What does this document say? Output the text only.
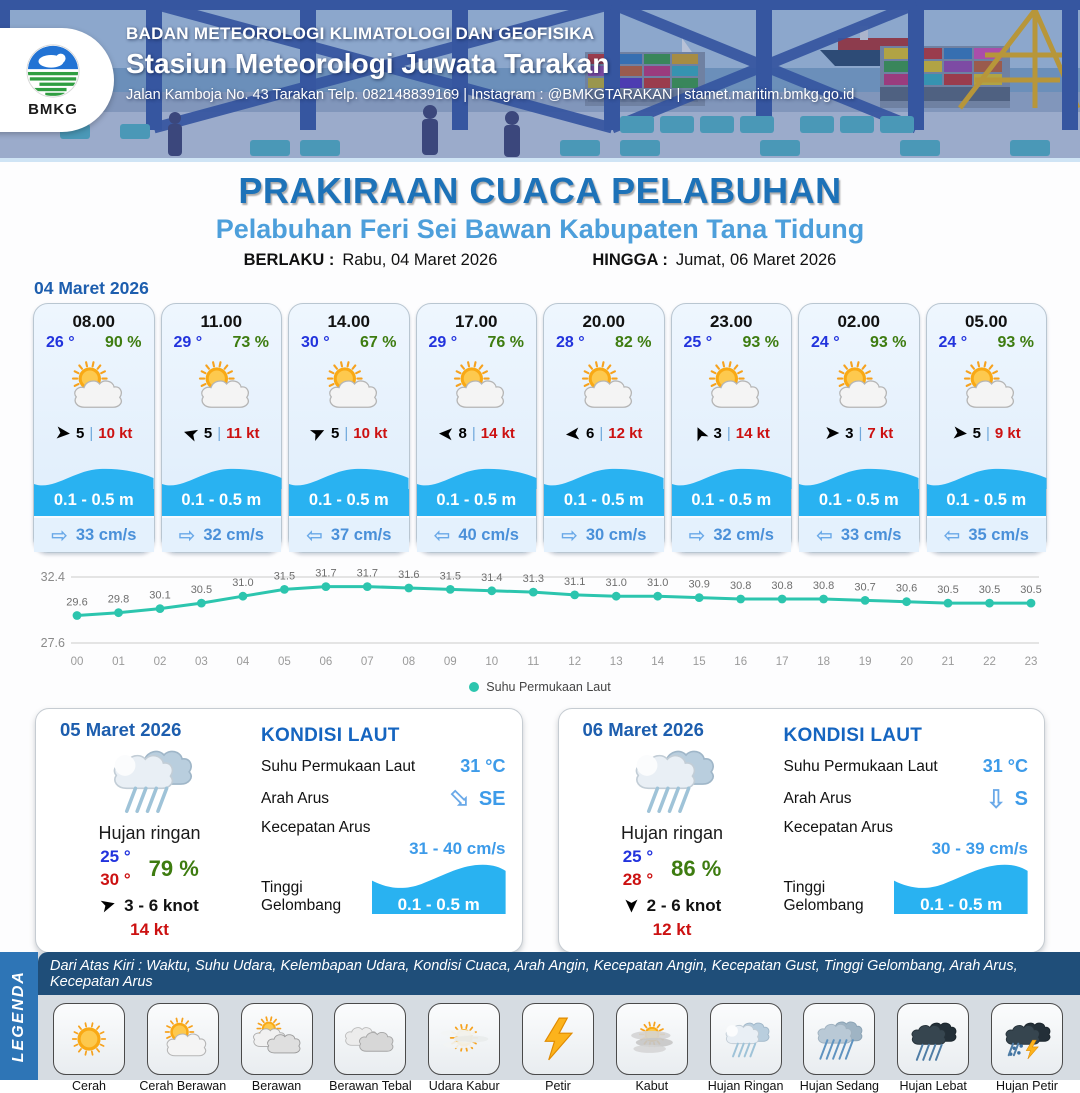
BMKG
BADAN METEOROLOGI KLIMATOLOGI DAN GEOFISIKA
Stasiun Meteorologi Juwata Tarakan
Jalan Kamboja No. 43 Tarakan Telp. 082148839169 | Instagram : @BMKGTARAKAN | stamet.maritim.bmkg.go.id
PRAKIRAAN CUACA PELABUHAN
Pelabuhan Feri Sei Bawan Kabupaten Tana Tidung
BERLAKU : Rabu, 04 Maret 2026	HINGGA : Jumat, 06 Maret 2026
04 Maret 2026
08.00
26 ° 90 %
➤ 5 | 10 kt
0.1 - 0.5 m
⇨ 33 cm/s
11.00
29 ° 73 %
➤ 5 | 11 kt
0.1 - 0.5 m
⇨ 32 cm/s
14.00
30 ° 67 %
➤ 5 | 10 kt
0.1 - 0.5 m
⇦ 37 cm/s
17.00
29 ° 76 %
➤ 8 | 14 kt
0.1 - 0.5 m
⇦ 40 cm/s
20.00
28 ° 82 %
➤ 6 | 12 kt
0.1 - 0.5 m
⇨ 30 cm/s
23.00
25 ° 93 %
➤ 3 | 14 kt
0.1 - 0.5 m
⇨ 32 cm/s
02.00
24 ° 93 %
➤ 3 | 7 kt
0.1 - 0.5 m
⇦ 33 cm/s
05.00
24 ° 93 %
➤ 5 | 9 kt
0.1 - 0.5 m
⇦ 35 cm/s
32.4
27.6
29.6
00
29.8
01
30.1
02
30.5
03
31.0
04
31.5
05
31.7
06
31.7
07
31.6
08
31.5
09
31.4
10
31.3
11
31.1
12
31.0
13
31.0
14
30.9
15
30.8
16
30.8
17
30.8
18
30.7
19
30.6
20
30.5
21
30.5
22
30.5
23
Suhu Permukaan Laut
05 Maret 2026
Hujan ringan
25 °
30 ° 79 %
➤ 3 - 6 knot
14 kt
KONDISI LAUT
Suhu Permukaan Laut	31 °C
Arah Arus	⇨ SE
Kecepatan Arus
31 - 40 cm/s
Tinggi Gelombang	0.1 - 0.5 m
06 Maret 2026
Hujan ringan
25 °
28 ° 86 %
➤ 2 - 6 knot
12 kt
KONDISI LAUT
Suhu Permukaan Laut	31 °C
Arah Arus	⇨ S
Kecepatan Arus
30 - 39 cm/s
Tinggi Gelombang	0.1 - 0.5 m
LEGENDA
Dari Atas Kiri : Waktu, Suhu Udara, Kelembapan Udara, Kondisi Cuaca, Arah Angin, Kecepatan Angin, Kecepatan Gust, Tinggi Gelombang, Arah Arus, Kecepatan Arus
Cerah	Cerah Berawan	Berawan	Berawan Tebal	Udara Kabur	Petir	Kabut	Hujan Ringan	Hujan Sedang	Hujan Lebat	Hujan Petir
